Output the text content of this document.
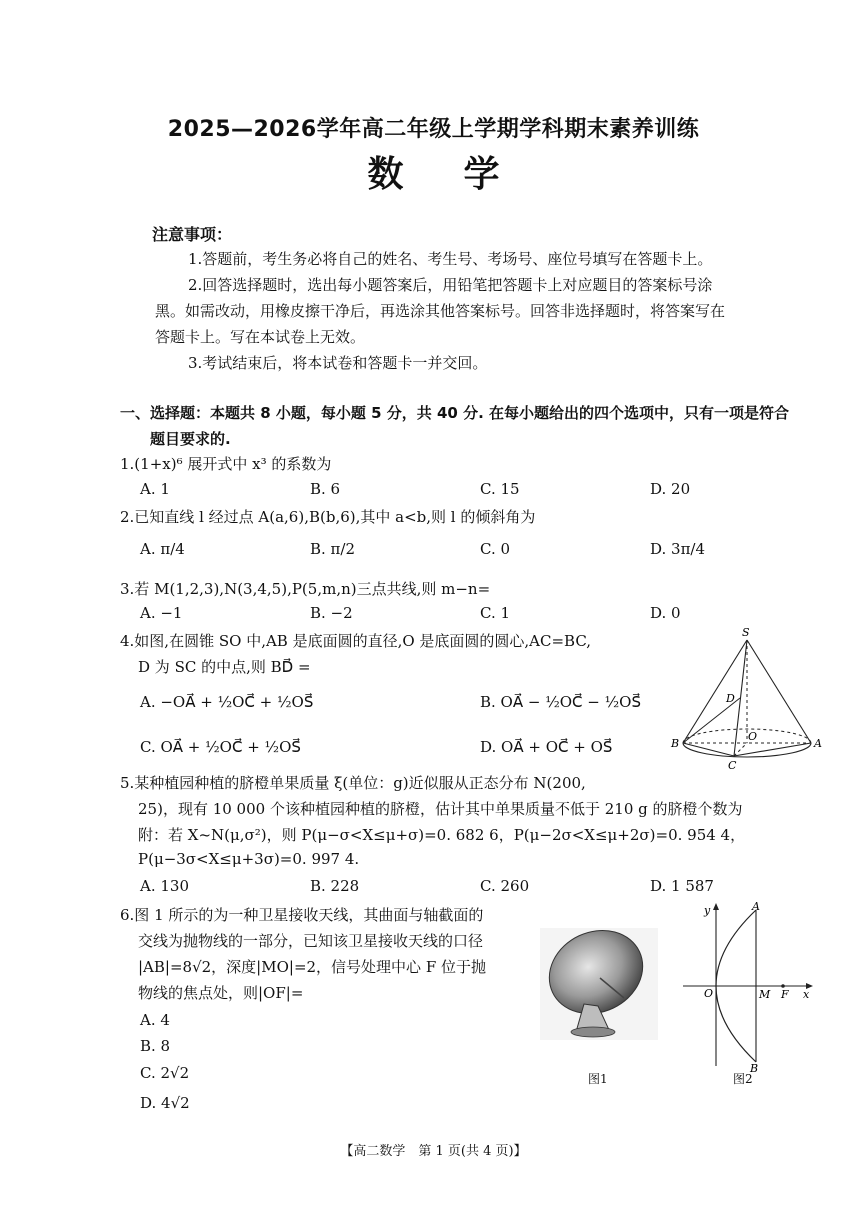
2025—2026学年高二年级上学期学科期末素养训练
数学
注意事项：
1.答题前，考生务必将自己的姓名、考生号、考场号、座位号填写在答题卡上。
2.回答选择题时，选出每小题答案后，用铅笔把答题卡上对应题目的答案标号涂
黑。如需改动，用橡皮擦干净后，再选涂其他答案标号。回答非选择题时，将答案写在
答题卡上。写在本试卷上无效。
3.考试结束后，将本试卷和答题卡一并交回。
一、选择题：本题共 8 小题，每小题 5 分，共 40 分. 在每小题给出的四个选项中，只有一项是符合
题目要求的.
1.(1+x)⁶ 展开式中 x³ 的系数为
A. 1	B. 6	C. 15	D. 20
2.已知直线 l 经过点 A(a,6),B(b,6),其中 a<b,则 l 的倾斜角为
A. π/4	B. π/2	C. 0	D. 3π/4
3.若 M(1,2,3),N(3,4,5),P(5,m,n)三点共线,则 m−n=
A. −1	B. −2	C. 1	D. 0
4.如图,在圆锥 SO 中,AB 是底面圆的直径,O 是底面圆的圆心,AC=BC,
D 为 SC 的中点,则 BD⃗ =
A. −OA⃗ + ½OC⃗ + ½OS⃗	B. OA⃗ − ½OC⃗ − ½OS⃗
C. OA⃗ + ½OC⃗ + ½OS⃗	D. OA⃗ + OC⃗ + OS⃗
S
D
B
O
A
C
5.某种植园种植的脐橙单果质量 ξ(单位：g)近似服从正态分布 N(200,
25)，现有 10 000 个该种植园种植的脐橙，估计其中单果质量不低于 210 g 的脐橙个数为
附：若 X~N(μ,σ²)，则 P(μ−σ<X≤μ+σ)=0. 682 6，P(μ−2σ<X≤μ+2σ)=0. 954 4，
P(μ−3σ<X≤μ+3σ)=0. 997 4.
A. 130	B. 228	C. 260	D. 1 587
6.图 1 所示的为一种卫星接收天线，其曲面与轴截面的
交线为抛物线的一部分，已知该卫星接收天线的口径
|AB|=8√2，深度|MO|=2，信号处理中心 F 位于抛
物线的焦点处，则|OF|=
A. 4
B. 8
C. 2√2
D. 4√2
图1
y	A
O	M F x
B
图2
【高二数学　第 1 页(共 4 页)】
